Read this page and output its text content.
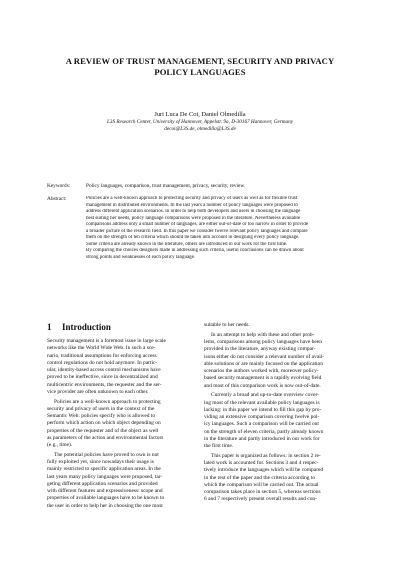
A REVIEW OF TRUST MANAGEMENT, SECURITY AND PRIVACY
POLICY LANGUAGES
Juri Luca De Coi, Daniel Olmedilla
L3S Research Center, University of Hannover, Appelstr. 9a, D-30167 Hannover, Germany
decoi@L3S.de, olmedilla@L3S.de
Keywords:	Policy languages, comparison, trust management, privacy, security, review.
Abstract:	Policies are a well-known approach to protecting security and privacy of users as well as for flexible trust
management in distributed environments. In the last years a number of policy languages were proposed to
address different application scenarios. In order to help both developers and users in choosing the language
best suiting her needs, policy language comparisons were proposed in the literature. Nevertheless available
comparisons address only a small number of languages, are either out-of-date or too narrow in order to provide
a broader picture of the research field. In this paper we consider twelve relevant policy languages and compare
them on the strength of ten criteria which should be taken into account in designing every policy language.
Some criteria are already known in the literature, others are introduced in our work for the first time.
By comparing the choices designers made in addressing such criteria, useful conclusions can be drawn about
strong points and weaknesses of each policy language.
1 Introduction
Security management is a foremost issue in large scale
networks like the World Wide Web. In such a sce-
nario, traditional assumptions for enforcing access
control regulations do not hold anymore. In partic-
ular, identity-based access control mechanisms have
proved to be ineffective, since in decentralized and
multicentric environments, the requester and the ser-
vice provider are often unknown to each other.
Policies are a well-known approach to protecting
security and privacy of users in the context of the
Semantic Web: policies specify who is allowed to
perform which action on which object depending on
properties of the requester and of the object as well
as parameters of the action and environmental factors
(e.g., time).
The potential policies have proved to own is not
fully exploited yet, since nowadays their usage is
mainly restricted to specific application areas. In the
last years many policy languages were proposed, tar-
geting different application scenarios and provided
with different features and expressiveness: scope and
properties of available languages have to be known to
the user in order to help her in choosing the one most
suitable to her needs.
In an attempt to help with these and other prob-
lems, comparisons among policy languages have been
provided in the literature, anyway existing compar-
isons either do not consider a relevant number of avail-
able solutions or are mainly focused on the application
scenarios the authors worked with, moreover policy-
based security management is a rapidly evolving field
and most of this comparison work is now out-of-date.
Currently a broad and up-to-date overview cover-
ing most of the relevant available policy languages is
lacking: in this paper we intend to fill this gap by pro-
viding an extensive comparison covering twelve pol-
icy languages. Such a comparison will be carried out
on the strength of eleven criteria, partly already known
in the literature and partly introduced in our work for
the first time.
This paper is organized as follows: in section 2 re-
lated work is accounted for. Sections 3 and 4 respec-
tively introduce the languages which will be compared
in the rest of the paper and the criteria according to
which the comparison will be carried out. The actual
comparison takes place in section 5, whereas sections
6 and 7 respectively present overall results and con-
